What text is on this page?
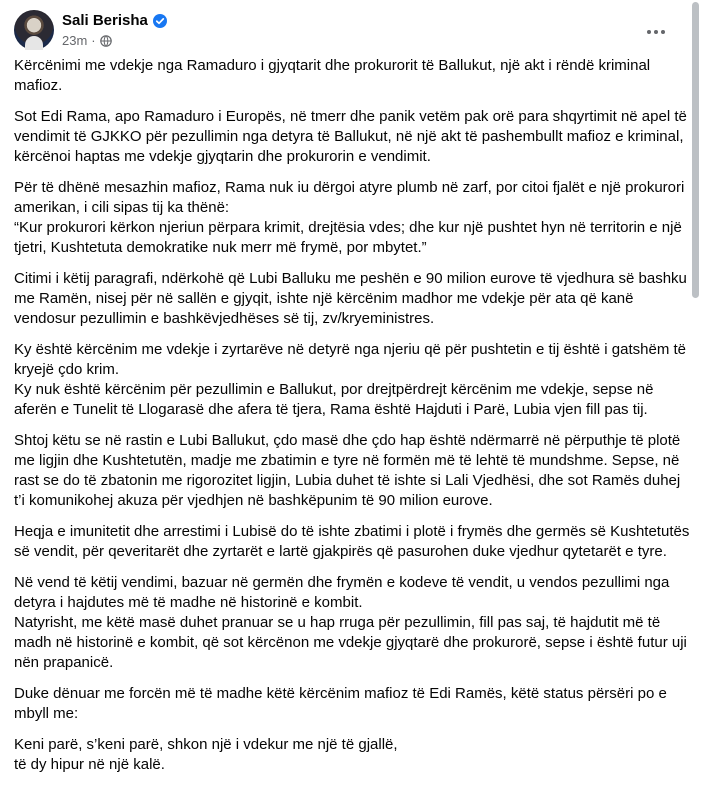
Sali Berisha
23m ·

Kërcënimi me vdekje nga Ramaduro i gjyqtarit dhe prokurorit të Ballukut, një akt i rëndë kriminal
mafioz.

Sot Edi Rama, apo Ramaduro i Europës, në tmerr dhe panik vetëm pak orë para shqyrtimit në apel të
vendimit të GJKKO për pezullimin nga detyra të Ballukut, në një akt të pashembullt mafioz e kriminal,
kërcënoi haptas me vdekje gjyqtarin dhe prokurorin e vendimit.

Për të dhënë mesazhin mafioz, Rama nuk iu dërgoi atyre plumb në zarf, por citoi fjalët e një prokurori
amerikan, i cili sipas tij ka thënë:
“Kur prokurori kërkon njeriun përpara krimit, drejtësia vdes; dhe kur një pushtet hyn në territorin e një
tjetri, Kushtetuta demokratike nuk merr më frymë, por mbytet.”

Citimi i këtij paragrafi, ndërkohë që Lubi Balluku me peshën e 90 milion eurove të vjedhura së bashku
me Ramën, nisej për në sallën e gjyqit, ishte një kërcënim madhor me vdekje për ata që kanë
vendosur pezullimin e bashkëvjedhëses së tij, zv/kryeministres.

Ky është kërcënim me vdekje i zyrtarëve në detyrë nga njeriu që për pushtetin e tij është i gatshëm të
kryejë çdo krim.
Ky nuk është kërcënim për pezullimin e Ballukut, por drejtpërdrejt kërcënim me vdekje, sepse në
aferën e Tunelit të Llogarasë dhe afera të tjera, Rama është Hajduti i Parë, Lubia vjen fill pas tij.

Shtoj këtu se në rastin e Lubi Ballukut, çdo masë dhe çdo hap është ndërmarrë në përputhje të plotë
me ligjin dhe Kushtetutën, madje me zbatimin e tyre në formën më të lehtë të mundshme. Sepse, në
rast se do të zbatonin me rigorozitet ligjin, Lubia duhet të ishte si Lali Vjedhësi, dhe sot Ramës duhej
t’i komunikohej akuza për vjedhjen në bashkëpunim të 90 milion eurove.

Heqja e imunitetit dhe arrestimi i Lubisë do të ishte zbatimi i plotë i frymës dhe germës së Kushtetutës
së vendit, për qeveritarët dhe zyrtarët e lartë gjakpirës që pasurohen duke vjedhur qytetarët e tyre.

Në vend të këtij vendimi, bazuar në germën dhe frymën e kodeve të vendit, u vendos pezullimi nga
detyra i hajdutes më të madhe në historinë e kombit.
Natyrisht, me këtë masë duhet pranuar se u hap rruga për pezullimin, fill pas saj, të hajdutit më të
madh në historinë e kombit, që sot kërcënon me vdekje gjyqtarë dhe prokurorë, sepse i është futur uji
nën prapanicë.

Duke dënuar me forcën më të madhe këtë kërcënim mafioz të Edi Ramës, këtë status përsëri po e
mbyll me:

Keni parë, s’keni parë, shkon një i vdekur me një të gjallë,
të dy hipur në një kalë.
